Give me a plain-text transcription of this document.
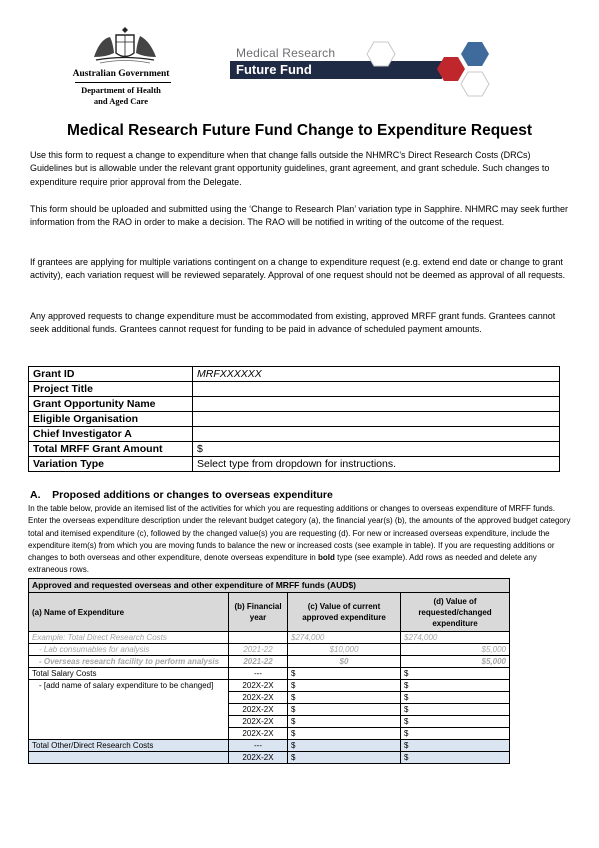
Australian Government
Department of Health
and Aged Care
Medical Research
Future Fund
Medical Research Future Fund Change to Expenditure Request
Use this form to request a change to expenditure when that change falls outside the NHMRC’s Direct Research Costs (DRCs) Guidelines but is allowable under the relevant grant opportunity guidelines, grant agreement, and grant schedule. Such changes to expenditure require prior approval from the Delegate.
This form should be uploaded and submitted using the ‘Change to Research Plan’ variation type in Sapphire. NHMRC may seek further information from the RAO in order to make a decision. The RAO will be notified in writing of the outcome of the request.
If grantees are applying for multiple variations contingent on a change to expenditure request (e.g. extend end date or change to grant activity), each variation request will be reviewed separately. Approval of one request should not be deemed as approval of all requests.
Any approved requests to change expenditure must be accommodated from existing, approved MRFF grant funds. Grantees cannot seek additional funds. Grantees cannot request for funding to be paid in advance of scheduled payment amounts.
Grant ID	MRFXXXXXX
Project Title	
Grant Opportunity Name	
Eligible Organisation	
Chief Investigator A	
Total MRFF Grant Amount	$
Variation Type	Select type from dropdown for instructions.
A.    Proposed additions or changes to overseas expenditure
In the table below, provide an itemised list of the activities for which you are requesting additions or changes to overseas expenditure of MRFF funds. Enter the overseas expenditure description under the relevant budget category (a), the financial year(s) (b), the amounts of the approved budget category total and itemised expenditure (c), followed by the changed value(s) you are requesting (d). For new or increased overseas expenditure, include the expenditure item(s) from which you are moving funds to balance the new or increased costs (see example in table). If you are requesting additions or changes to both overseas and other expenditure, denote overseas expenditure in bold type (see example). Add rows as needed and delete any extraneous rows.
Approved and requested overseas and other expenditure of MRFF funds (AUD$)			
(a) Name of Expenditure	(b) Financial year	(c) Value of current approved expenditure	(d) Value of requested/changed expenditure
Example: Total Direct Research Costs		$274,000	$274,000
- Lab consumables for analysis	2021-22	$10,000	$5,000
- Overseas research facility to perform analysis	2021-22	$0	$5,000
Total Salary Costs	---	$	$
- [add name of salary expenditure to be changed]	202X-2X	$	$
	202X-2X	$	$
	202X-2X	$	$
	202X-2X	$	$
	202X-2X	$	$
Total Other/Direct Research Costs	---	$	$
	202X-2X	$	$
